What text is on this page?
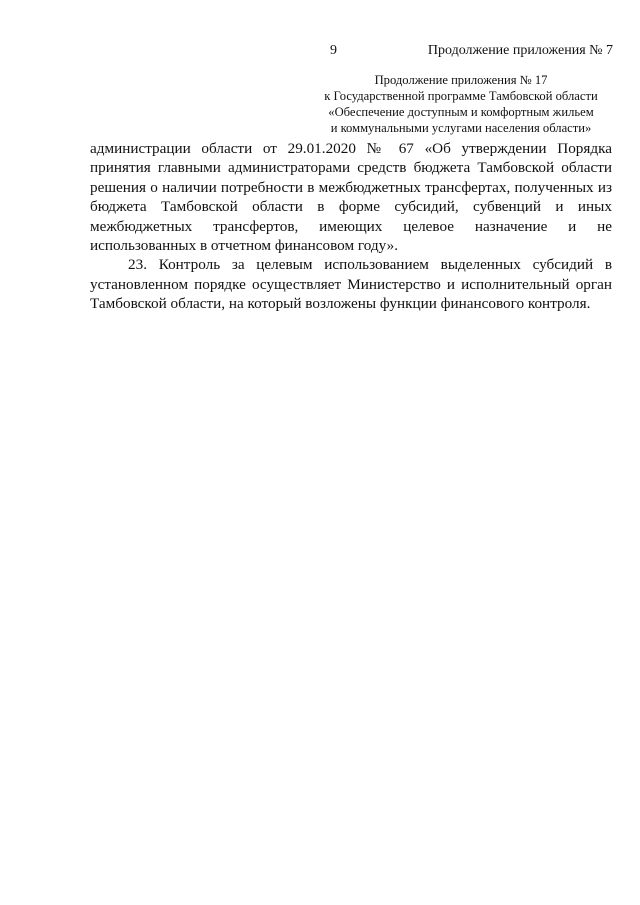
9	Продолжение приложения № 7
Продолжение приложения № 17
к Государственной программе Тамбовской области
«Обеспечение доступным и комфортным жильем
и коммунальными услугами населения области»
администрации области от 29.01.2020 № 67 «Об утверждении Порядка
принятия главными администраторами средств бюджета Тамбовской области
решения о наличии потребности в межбюджетных трансфертах, полученных из
бюджета Тамбовской области в форме субсидий, субвенций и иных
межбюджетных трансфертов, имеющих целевое назначение и не
использованных в отчетном финансовом году».
23. Контроль за целевым использованием выделенных субсидий в
установленном порядке осуществляет Министерство и исполнительный орган
Тамбовской области, на который возложены функции финансового контроля.
